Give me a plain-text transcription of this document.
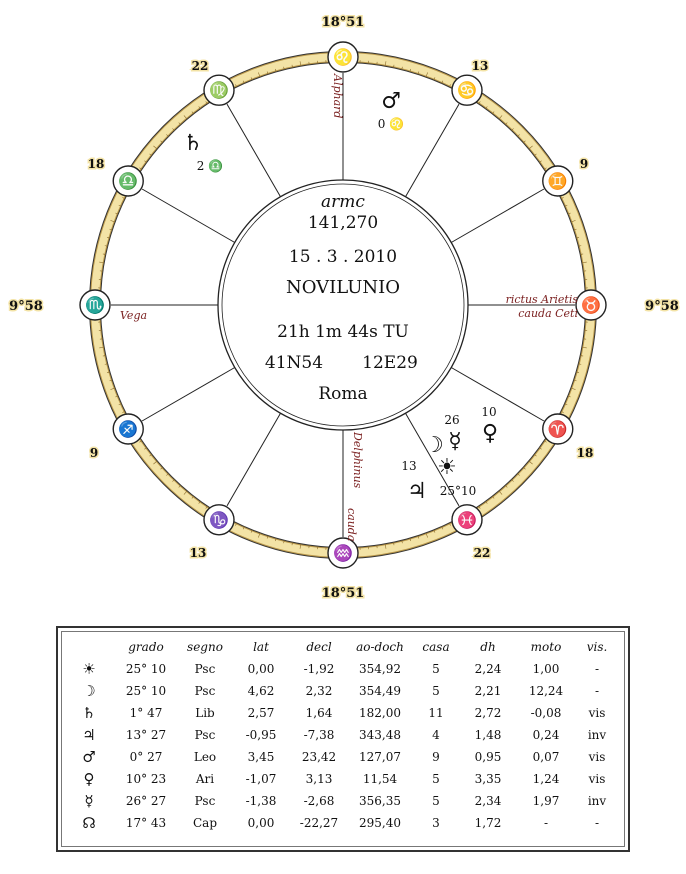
♌
♋
♊
♉
♈
♓
♒
♑
♐
♏
♎
♍
18°51
18°51
9°58	9°58
22	13
18	9
9	18
13	22
armc
141,270
15 . 3 . 2010
NOVILUNIO
21h 1m 44s TU
41N54 12E29
Roma
Alphard
Vega
rictus Arietis
cauda Ceti
Delphinus
cauda
♂
0 ♌
♄
2 ♎
10
♀
26
☽ ☿
☀
25°10
13
♃
	grado	segno	lat	decl	ao-doch	casa	dh	moto	vis.
☀	25° 10	Psc	0,00	-1,92	354,92	5	2,24	1,00	-
☽	25° 10	Psc	4,62	2,32	354,49	5	2,21	12,24	-
♄	1° 47	Lib	2,57	1,64	182,00	11	2,72	-0,08	vis
♃	13° 27	Psc	-0,95	-7,38	343,48	4	1,48	0,24	inv
♂	0° 27	Leo	3,45	23,42	127,07	9	0,95	0,07	vis
♀	10° 23	Ari	-1,07	3,13	11,54	5	3,35	1,24	vis
☿	26° 27	Psc	-1,38	-2,68	356,35	5	2,34	1,97	inv
☊	17° 43	Cap	0,00	-22,27	295,40	3	1,72	-	-
